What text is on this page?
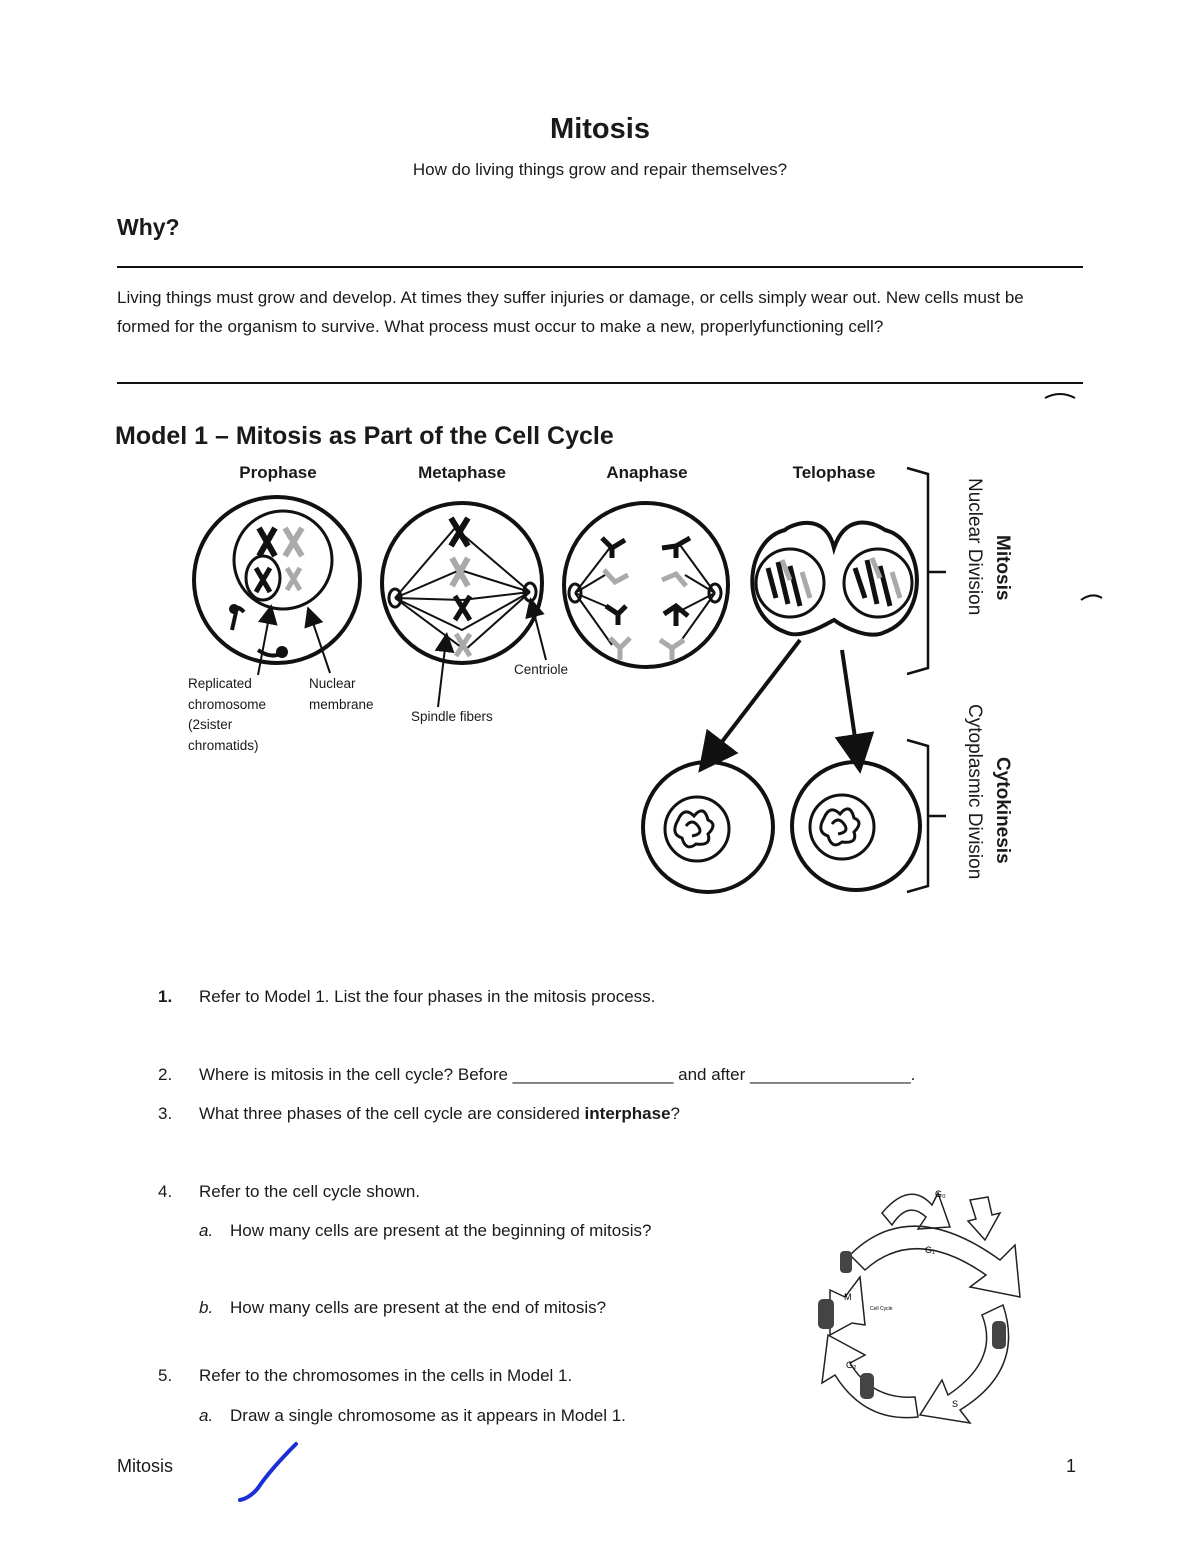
Mitosis
How do living things grow and repair themselves?
Why?
Living things must grow and develop. At times they suffer injuries or damage, or cells simply wear out. New cells must be formed for the organism to survive. What process must occur to make a new, properlyfunctioning cell?
Model 1 – Mitosis as Part of the Cell Cycle
Prophase	Metaphase	Anaphase	Telophase
Replicated
chromosome
(2sister
chromatids)
Nuclear
membrane
Spindle fibers
Centriole
Mitosis
Nuclear Division
Cytokinesis
Cytoplasmic Division
1. Refer to Model 1. List the four phases in the mitosis process.
2. Where is mitosis in the cell cycle? Before _________________ and after _________________.
3. What three phases of the cell cycle are considered interphase?
4. Refer to the cell cycle shown.
a. How many cells are present at the beginning of mitosis?
b. How many cells are present at the end of mitosis?
5. Refer to the chromosomes in the cells in Model 1.
a. Draw a single chromosome as it appears in Model 1.
G₀
G₁
S
G₂
M
Cell Cycle
Mitosis	1
